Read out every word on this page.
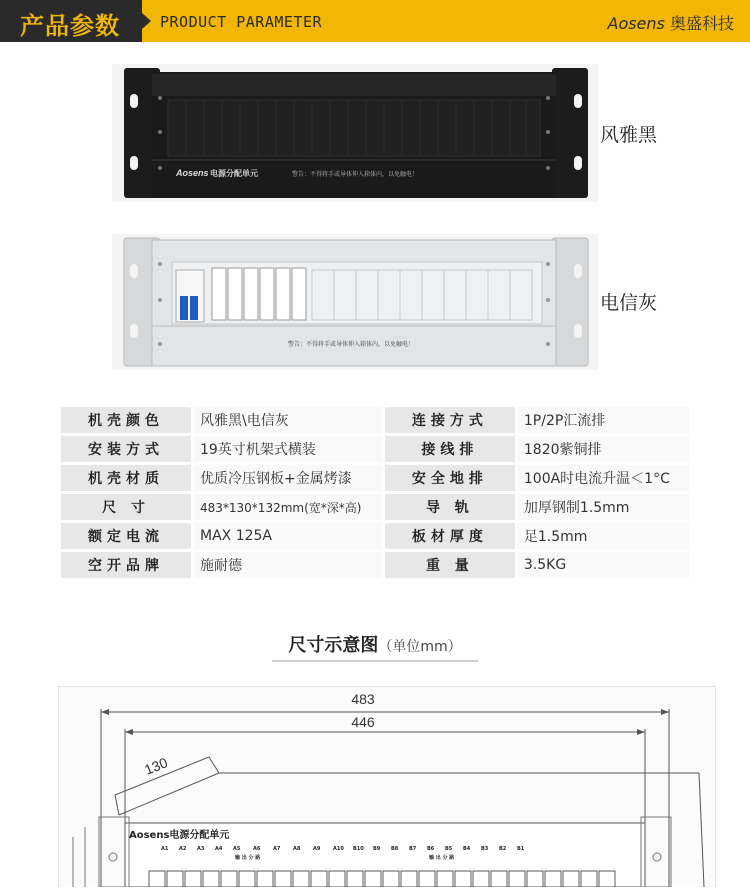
产品参数	PRODUCT PARAMETER	Aosens 奥盛科技
Aosens 电源分配单元	警告：不得将手或导体伸入箱体内，以免触电！
风雅黑
警告：不得将手或导体伸入箱体内，以免触电！
电信灰
机壳颜色	风雅黑\电信灰	连接方式	1P/2P汇流排
安装方式	19英寸机架式横装	接线排	1820紫铜排
机壳材质	优质冷压钢板+金属烤漆	安全地排	100A时电流升温＜1°C
尺 寸	483*130*132mm(宽*深*高)	导 轨	加厚钢制1.5mm
额定电流	MAX 125A	板材厚度	足1.5mm
空开品牌	施耐德	重 量	3.5KG
尺寸示意图（单位mm）
483
446
130
Aosens电源分配单元
A1 A2 A3 A4 A5	A6	A7	A8	A9	A10 B10 B9 B8 B7 B6 B5 B4 B3 B2 B1
输 出 分 路	输 出 分 路
